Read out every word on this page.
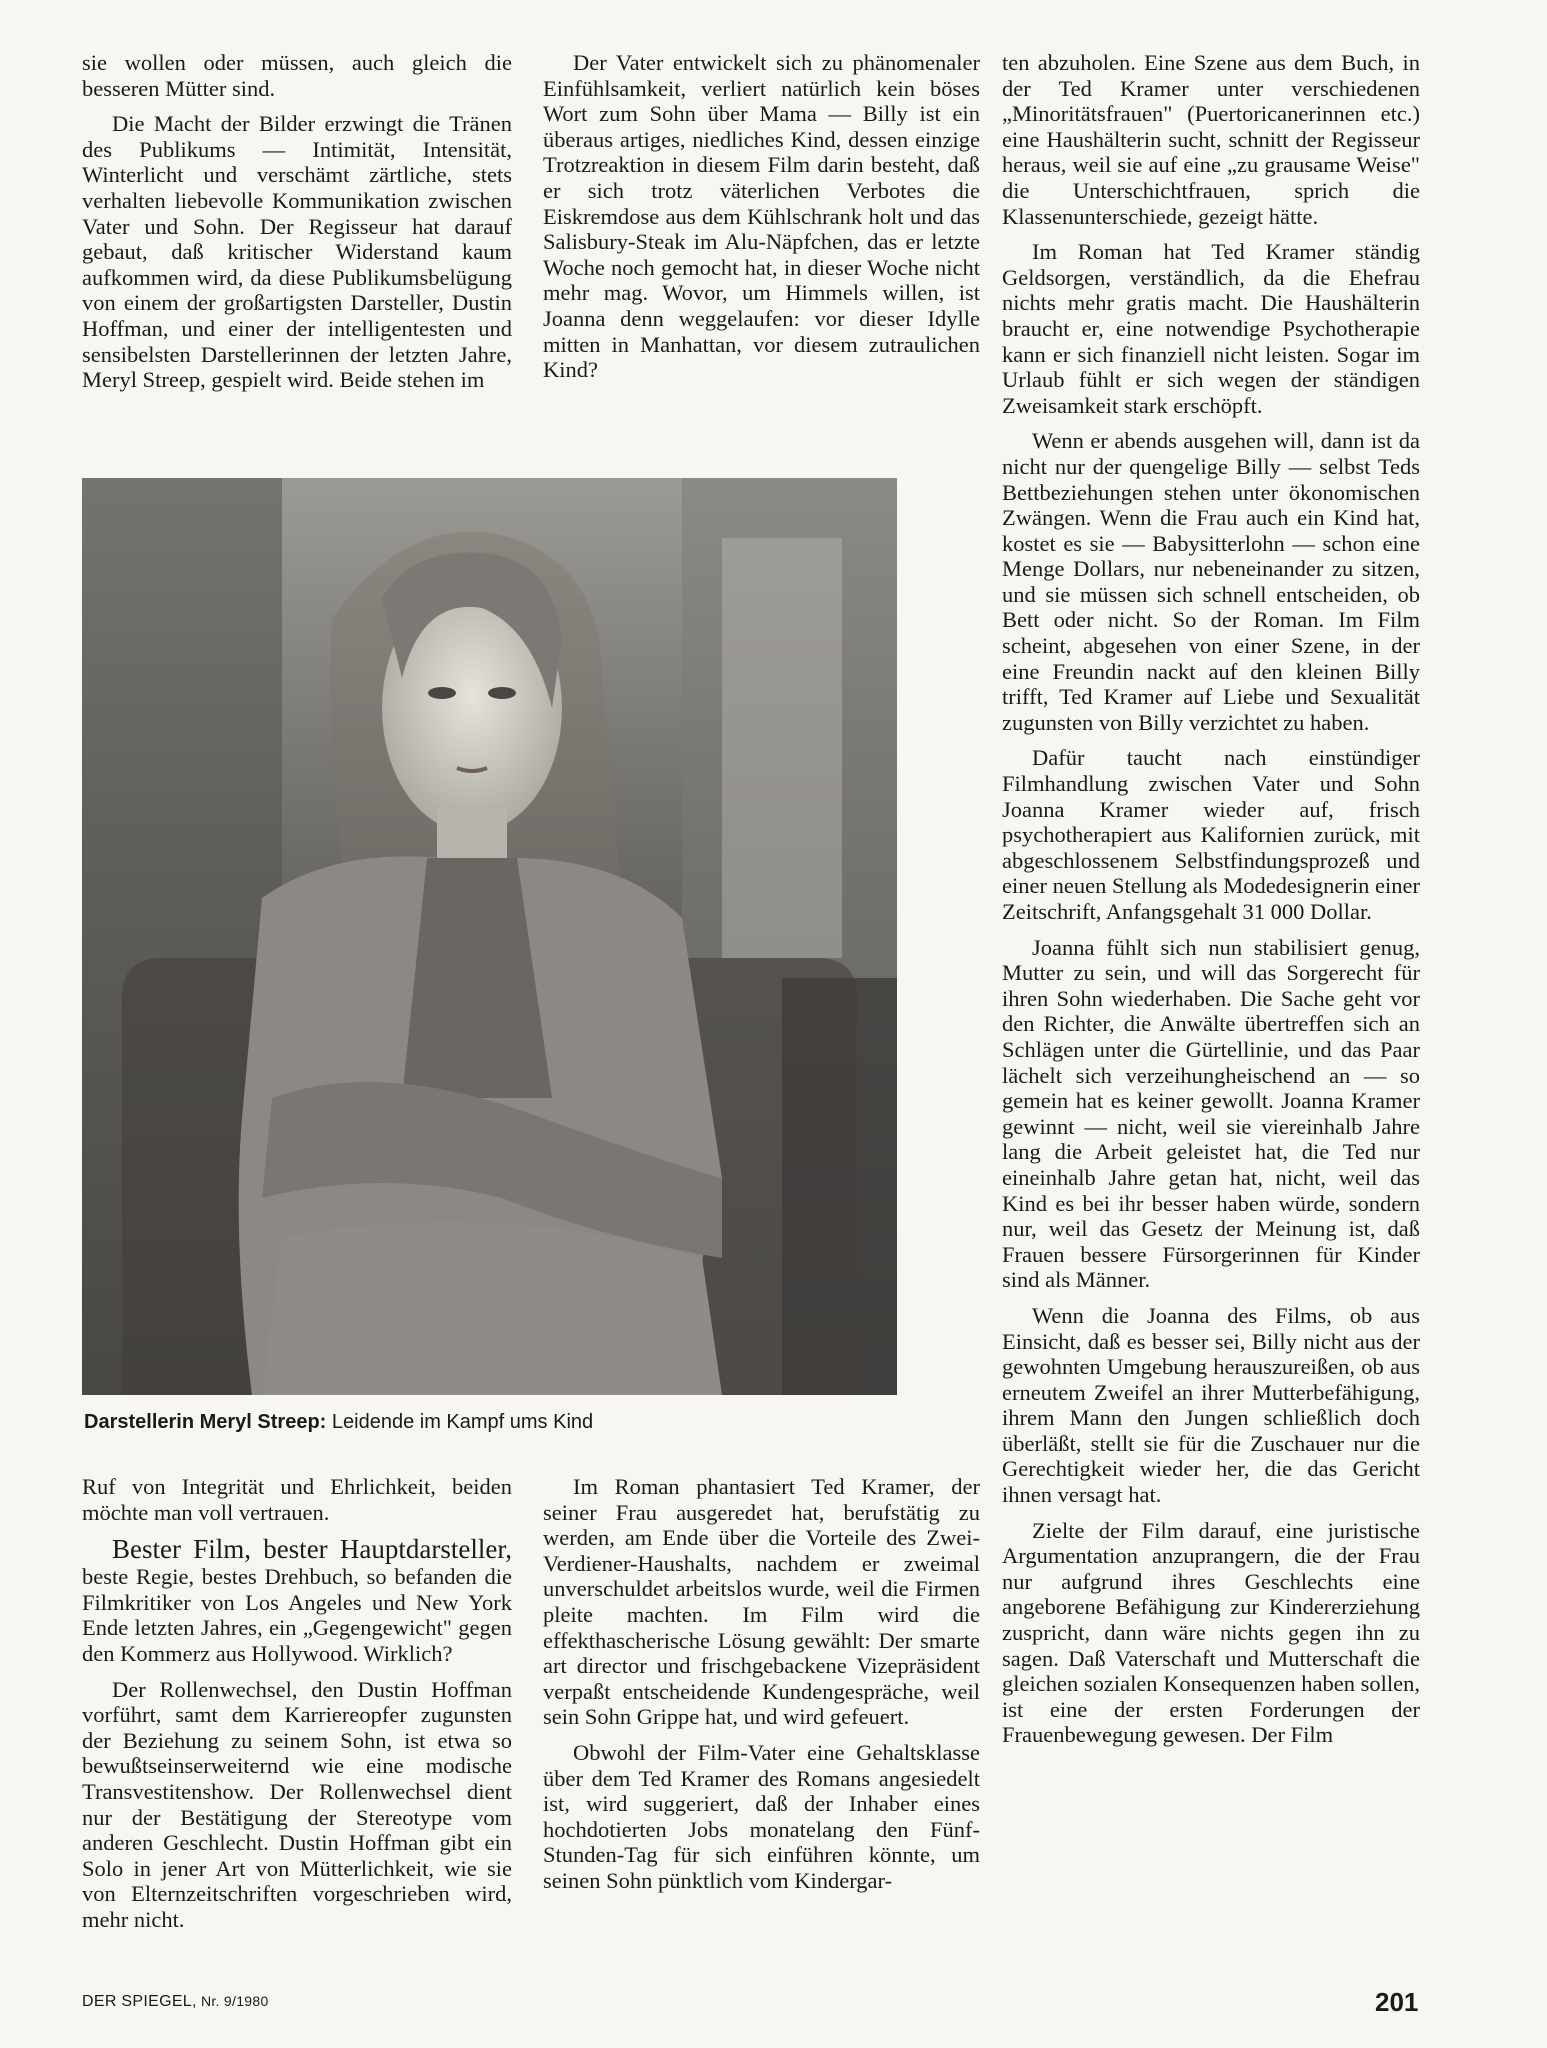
sie wollen oder müssen, auch gleich die besseren Mütter sind.

Die Macht der Bilder erzwingt die Tränen des Publikums — Intimität, Intensität, Winterlicht und verschämt zärtliche, stets verhalten liebevolle Kommunikation zwischen Vater und Sohn. Der Regisseur hat darauf gebaut, daß kritischer Widerstand kaum aufkommen wird, da diese Publikumsbelügung von einem der großartigsten Darsteller, Dustin Hoffman, und einer der intelligentesten und sensibelsten Darstellerinnen der letzten Jahre, Meryl Streep, gespielt wird. Beide stehen im

Der Vater entwickelt sich zu phänomenaler Einfühlsamkeit, verliert natürlich kein böses Wort zum Sohn über Mama — Billy ist ein überaus artiges, niedliches Kind, dessen einzige Trotzreaktion in diesem Film darin besteht, daß er sich trotz väterlichen Verbotes die Eiskremdose aus dem Kühlschrank holt und das Salisbury-Steak im Alu-Näpfchen, das er letzte Woche noch gemocht hat, in dieser Woche nicht mehr mag. Wovor, um Himmels willen, ist Joanna denn weggelaufen: vor dieser Idylle mitten in Manhattan, vor diesem zutraulichen Kind?

ten abzuholen. Eine Szene aus dem Buch, in der Ted Kramer unter verschiedenen „Minoritätsfrauen" (Puertoricanerinnen etc.) eine Haushälterin sucht, schnitt der Regisseur heraus, weil sie auf eine „zu grausame Weise" die Unterschichtfrauen, sprich die Klassenunterschiede, gezeigt hätte.

Im Roman hat Ted Kramer ständig Geldsorgen, verständlich, da die Ehefrau nichts mehr gratis macht. Die Haushälterin braucht er, eine notwendige Psychotherapie kann er sich finanziell nicht leisten. Sogar im Urlaub fühlt er sich wegen der ständigen Zweisamkeit stark erschöpft.

Wenn er abends ausgehen will, dann ist da nicht nur der quengelige Billy — selbst Teds Bettbeziehungen stehen unter ökonomischen Zwängen. Wenn die Frau auch ein Kind hat, kostet es sie — Babysitterlohn — schon eine Menge Dollars, nur nebeneinander zu sitzen, und sie müssen sich schnell entscheiden, ob Bett oder nicht. So der Roman. Im Film scheint, abgesehen von einer Szene, in der eine Freundin nackt auf den kleinen Billy trifft, Ted Kramer auf Liebe und Sexualität zugunsten von Billy verzichtet zu haben.

Dafür taucht nach einstündiger Filmhandlung zwischen Vater und Sohn Joanna Kramer wieder auf, frisch psychotherapiert aus Kalifornien zurück, mit abgeschlossenem Selbstfindungsprozeß und einer neuen Stellung als Modedesignerin einer Zeitschrift, Anfangsgehalt 31 000 Dollar.

Joanna fühlt sich nun stabilisiert genug, Mutter zu sein, und will das Sorgerecht für ihren Sohn wiederhaben. Die Sache geht vor den Richter, die Anwälte übertreffen sich an Schlägen unter die Gürtellinie, und das Paar lächelt sich verzeihungheischend an — so gemein hat es keiner gewollt. Joanna Kramer gewinnt — nicht, weil sie viereinhalb Jahre lang die Arbeit geleistet hat, die Ted nur eineinhalb Jahre getan hat, nicht, weil das Kind es bei ihr besser haben würde, sondern nur, weil das Gesetz der Meinung ist, daß Frauen bessere Fürsorgerinnen für Kinder sind als Männer.

Wenn die Joanna des Films, ob aus Einsicht, daß es besser sei, Billy nicht aus der gewohnten Umgebung herauszureißen, ob aus erneutem Zweifel an ihrer Mutterbefähigung, ihrem Mann den Jungen schließlich doch überläßt, stellt sie für die Zuschauer nur die Gerechtigkeit wieder her, die das Gericht ihnen versagt hat.

Zielte der Film darauf, eine juristische Argumentation anzuprangern, die der Frau nur aufgrund ihres Geschlechts eine angeborene Befähigung zur Kindererziehung zuspricht, dann wäre nichts gegen ihn zu sagen. Daß Vaterschaft und Mutterschaft die gleichen sozialen Konsequenzen haben sollen, ist eine der ersten Forderungen der Frauenbewegung gewesen. Der Film

Darstellerin Meryl Streep: Leidende im Kampf ums Kind

Ruf von Integrität und Ehrlichkeit, beiden möchte man voll vertrauen.

Bester Film, bester Hauptdarsteller, beste Regie, bestes Drehbuch, so befanden die Filmkritiker von Los Angeles und New York Ende letzten Jahres, ein „Gegengewicht" gegen den Kommerz aus Hollywood. Wirklich?

Der Rollenwechsel, den Dustin Hoffman vorführt, samt dem Karriereopfer zugunsten der Beziehung zu seinem Sohn, ist etwa so bewußtseinserweiternd wie eine modische Transvestitenshow. Der Rollenwechsel dient nur der Bestätigung der Stereotype vom anderen Geschlecht. Dustin Hoffman gibt ein Solo in jener Art von Mütterlichkeit, wie sie von Elternzeitschriften vorgeschrieben wird, mehr nicht.

Im Roman phantasiert Ted Kramer, der seiner Frau ausgeredet hat, berufstätig zu werden, am Ende über die Vorteile des Zwei-Verdiener-Haushalts, nachdem er zweimal unverschuldet arbeitslos wurde, weil die Firmen pleite machten. Im Film wird die effekthascherische Lösung gewählt: Der smarte art director und frischgebackene Vizepräsident verpaßt entscheidende Kundengespräche, weil sein Sohn Grippe hat, und wird gefeuert.

Obwohl der Film-Vater eine Gehaltsklasse über dem Ted Kramer des Romans angesiedelt ist, wird suggeriert, daß der Inhaber eines hochdotierten Jobs monatelang den Fünf-Stunden-Tag für sich einführen könnte, um seinen Sohn pünktlich vom Kindergar-

DER SPIEGEL, Nr. 9/1980	201
